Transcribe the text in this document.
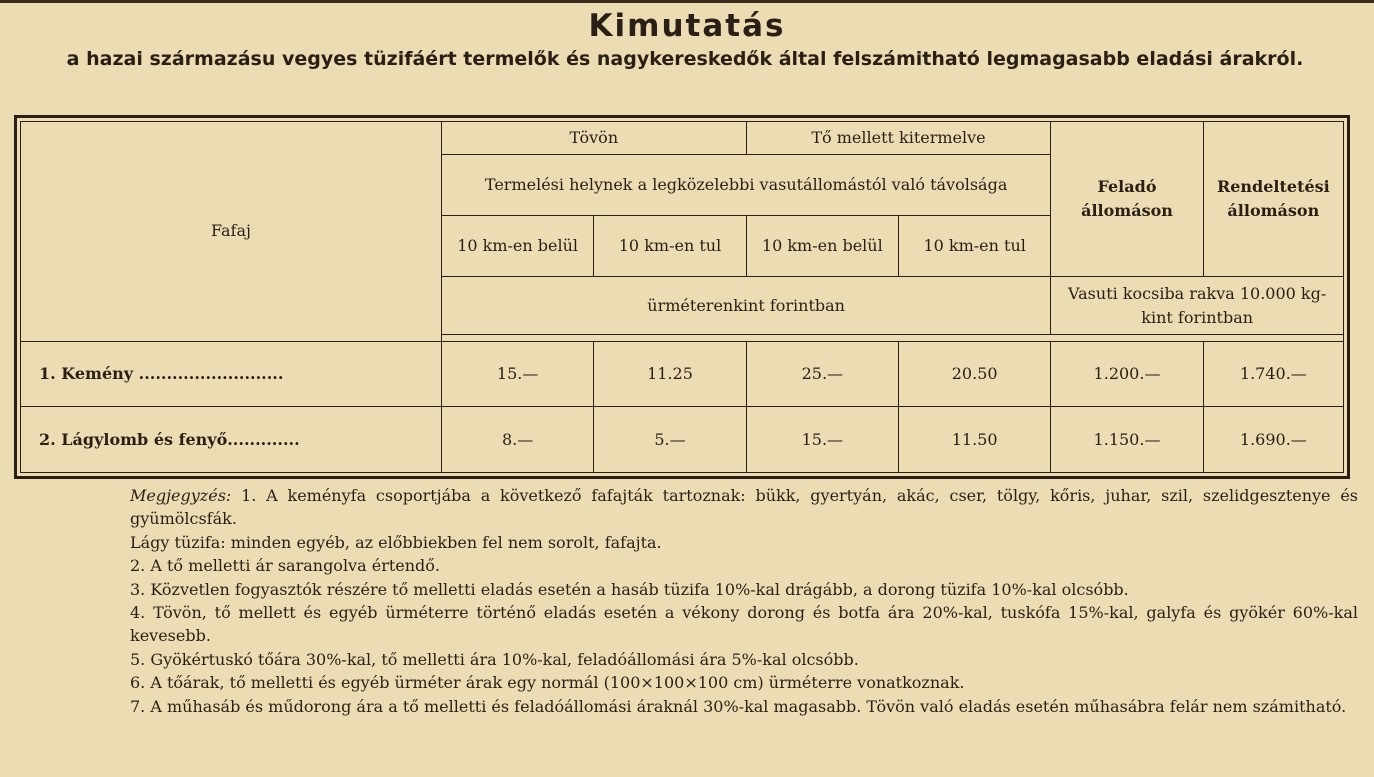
Kimutatás
a hazai származásu vegyes tüzifáért termelők és nagykereskedők által felszámitható legmagasabb eladási árakról.
Fafaj	Tövön		Tő mellett kitermelve		Feladó állomáson	Rendeltetési állomáson
	Termelési helynek a legközelebbi vasutállomástól való távolsága					
	10 km-en belül	10 km-en tul	10 km-en belül	10 km-en tul		
	ürméterenkint forintban				Vasuti kocsiba rakva 10.000 kg-kint forintban	

1. Kemény ..........................	15.—	11.25	25.—	20.50	1.200.—	1.740.—
2. Lágylomb és fenyő.............	8.—	5.—	15.—	11.50	1.150.—	1.690.—

Megjegyzés: 1. A keményfa csoportjába a következő fafajták tartoznak: bükk, gyertyán, akác, cser, tölgy, kőris, juhar, szil, szelidgesztenye és gyümölcsfák.

Lágy tüzifa: minden egyéb, az előbbiekben fel nem sorolt, fafajta.

2. A tő melletti ár sarangolva értendő.

3. Közvetlen fogyasztók részére tő melletti eladás esetén a hasáb tüzifa 10%-kal drágább, a dorong tüzifa 10%-kal olcsóbb.

4. Tövön, tő mellett és egyéb ürméterre történő eladás esetén a vékony dorong és botfa ára 20%-kal, tuskófa 15%-kal, galyfa és gyökér 60%-kal kevesebb.

5. Gyökértuskó tőára 30%-kal, tő melletti ára 10%-kal, feladóállomási ára 5%-kal olcsóbb.

6. A tőárak, tő melletti és egyéb ürméter árak egy normál (100×100×100 cm) ürméterre vonatkoznak.

7. A műhasáb és műdorong ára a tő melletti és feladóállomási áraknál 30%-kal magasabb. Tövön való eladás esetén műhasábra felár nem számitható.
